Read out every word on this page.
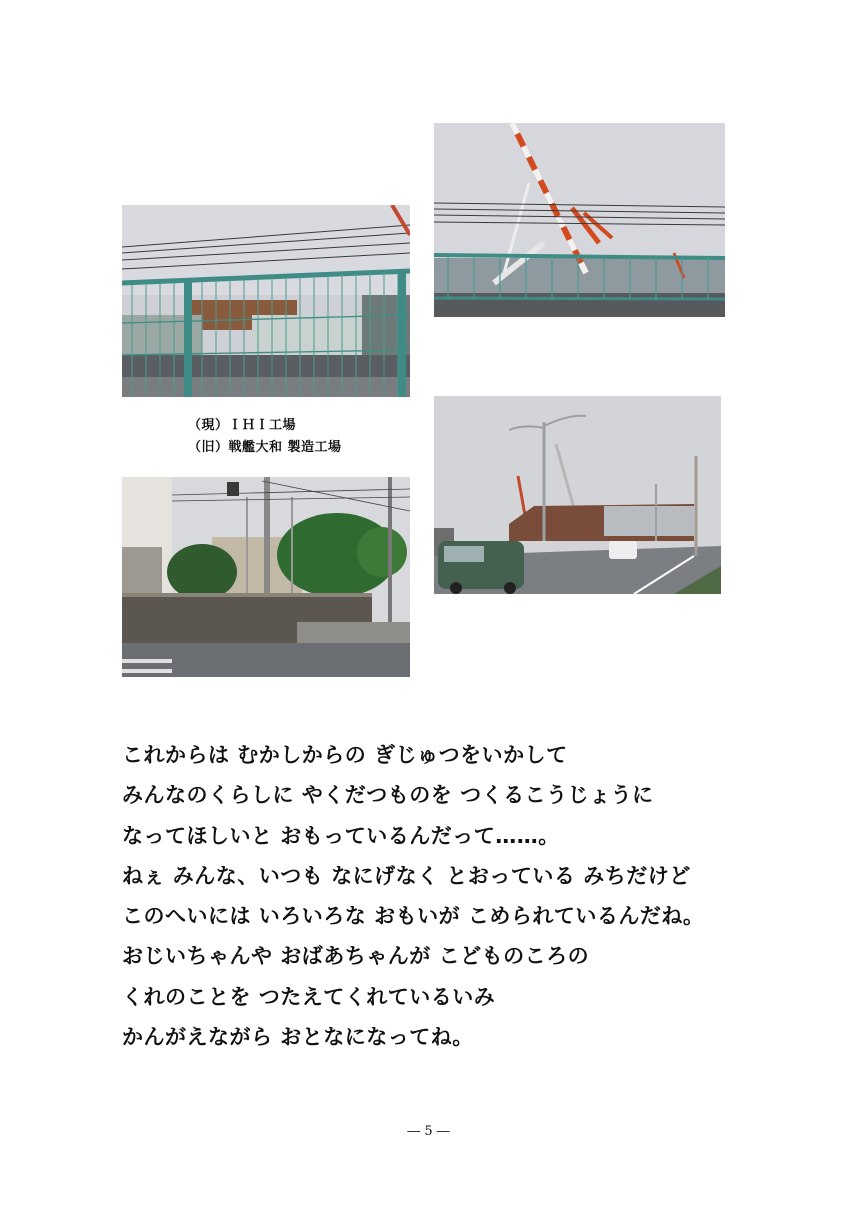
（現）ＩＨＩ工場
（旧）戦艦大和 製造工場
これからは むかしからの ぎじゅつをいかして
みんなのくらしに やくだつものを つくるこうじょうに
なってほしいと おもっているんだって……。
ねぇ みんな、いつも なにげなく とおっている みちだけど
このへいには いろいろな おもいが こめられているんだね。
おじいちゃんや おばあちゃんが こどものころの
くれのことを つたえてくれているいみ
かんがえながら おとなになってね。
― 5 ―
